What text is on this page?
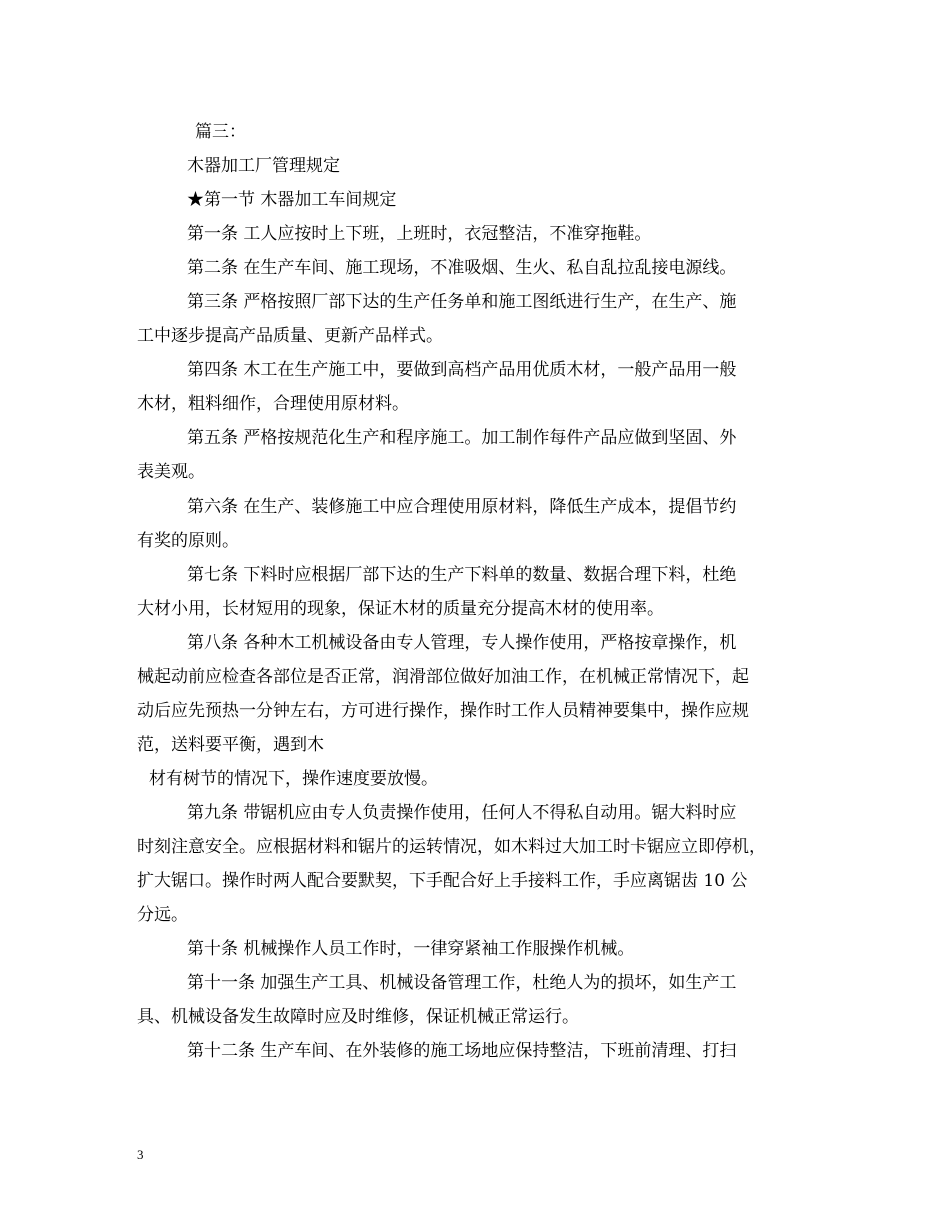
篇三：
木器加工厂管理规定
★第一节 木器加工车间规定
第一条 工人应按时上下班，上班时，衣冠整洁，不准穿拖鞋。
第二条 在生产车间、施工现场，不准吸烟、生火、私自乱拉乱接电源线。
第三条 严格按照厂部下达的生产任务单和施工图纸进行生产，在生产、施
工中逐步提高产品质量、更新产品样式。
第四条 木工在生产施工中，要做到高档产品用优质木材，一般产品用一般
木材，粗料细作，合理使用原材料。
第五条 严格按规范化生产和程序施工。加工制作每件产品应做到坚固、外
表美观。
第六条 在生产、装修施工中应合理使用原材料，降低生产成本，提倡节约
有奖的原则。
第七条 下料时应根据厂部下达的生产下料单的数量、数据合理下料，杜绝
大材小用，长材短用的现象，保证木材的质量充分提高木材的使用率。
第八条 各种木工机械设备由专人管理，专人操作使用，严格按章操作，机
械起动前应检查各部位是否正常，润滑部位做好加油工作，在机械正常情况下，起
动后应先预热一分钟左右，方可进行操作，操作时工作人员精神要集中，操作应规
范，送料要平衡，遇到木
材有树节的情况下，操作速度要放慢。
第九条 带锯机应由专人负责操作使用，任何人不得私自动用。锯大料时应
时刻注意安全。应根据材料和锯片的运转情况，如木料过大加工时卡锯应立即停机，
扩大锯口。操作时两人配合要默契，下手配合好上手接料工作，手应离锯齿 10 公
分远。
第十条 机械操作人员工作时，一律穿紧袖工作服操作机械。
第十一条 加强生产工具、机械设备管理工作，杜绝人为的损坏，如生产工
具、机械设备发生故障时应及时维修，保证机械正常运行。
第十二条 生产车间、在外装修的施工场地应保持整洁，下班前清理、打扫
3
